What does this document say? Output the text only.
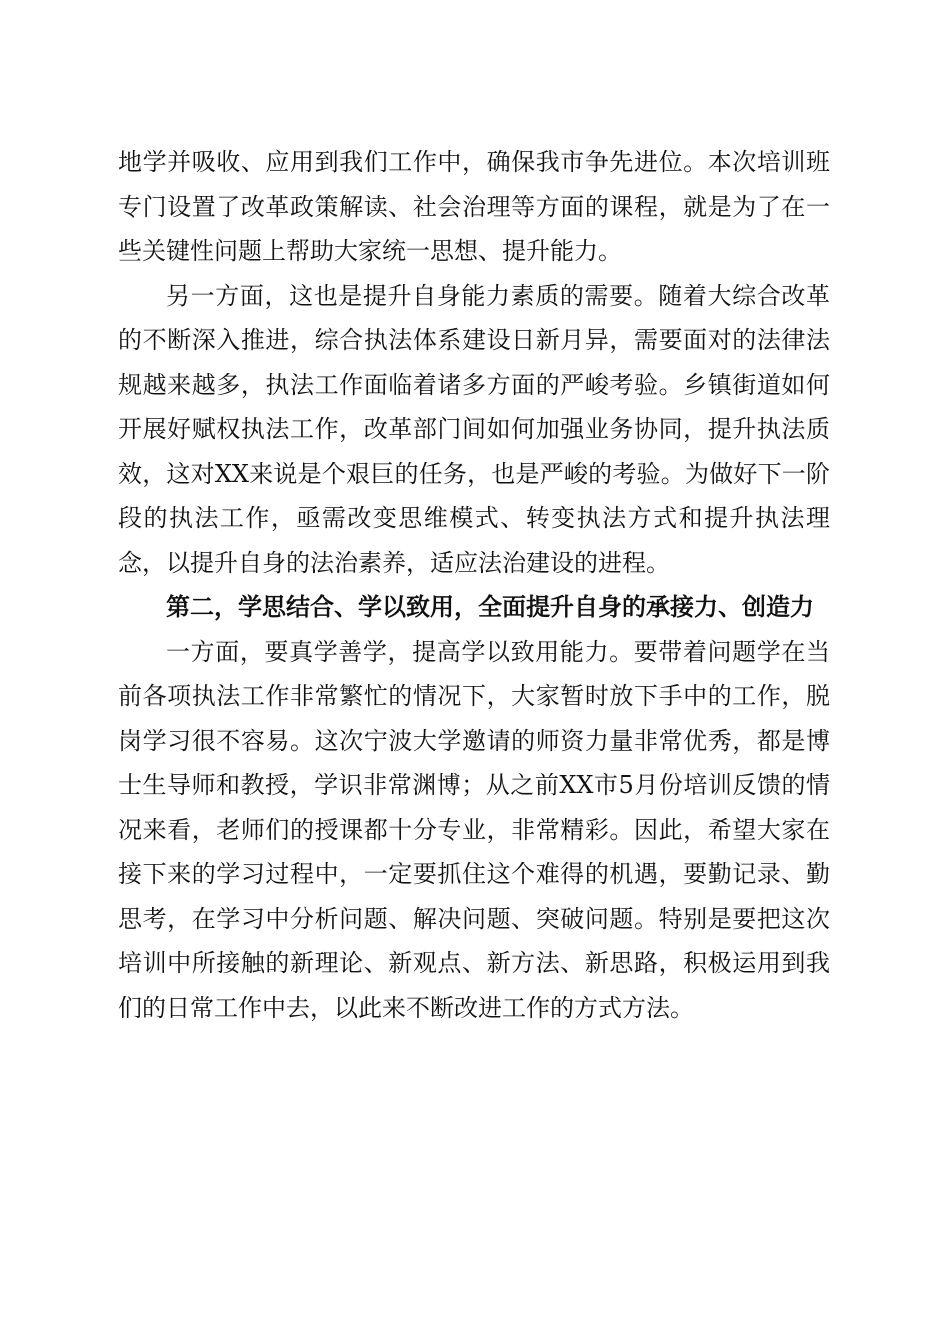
地学并吸收、应用到我们工作中，确保我市争先进位。本次培训班专门设置了改革政策解读、社会治理等方面的课程，就是为了在一些关键性问题上帮助大家统一思想、提升能力。

另一方面，这也是提升自身能力素质的需要。随着大综合改革的不断深入推进，综合执法体系建设日新月异，需要面对的法律法规越来越多，执法工作面临着诸多方面的严峻考验。乡镇街道如何开展好赋权执法工作，改革部门间如何加强业务协同，提升执法质效，这对XX来说是个艰巨的任务，也是严峻的考验。为做好下一阶段的执法工作，亟需改变思维模式、转变执法方式和提升执法理念，以提升自身的法治素养，适应法治建设的进程。

第二，学思结合、学以致用，全面提升自身的承接力、创造力

一方面，要真学善学，提高学以致用能力。要带着问题学在当前各项执法工作非常繁忙的情况下，大家暂时放下手中的工作，脱岗学习很不容易。这次宁波大学邀请的师资力量非常优秀，都是博士生导师和教授，学识非常渊博；从之前XX市5月份培训反馈的情况来看，老师们的授课都十分专业，非常精彩。因此，希望大家在接下来的学习过程中，一定要抓住这个难得的机遇，要勤记录、勤思考，在学习中分析问题、解决问题、突破问题。特别是要把这次培训中所接触的新理论、新观点、新方法、新思路，积极运用到我们的日常工作中去，以此来不断改进工作的方式方法。
